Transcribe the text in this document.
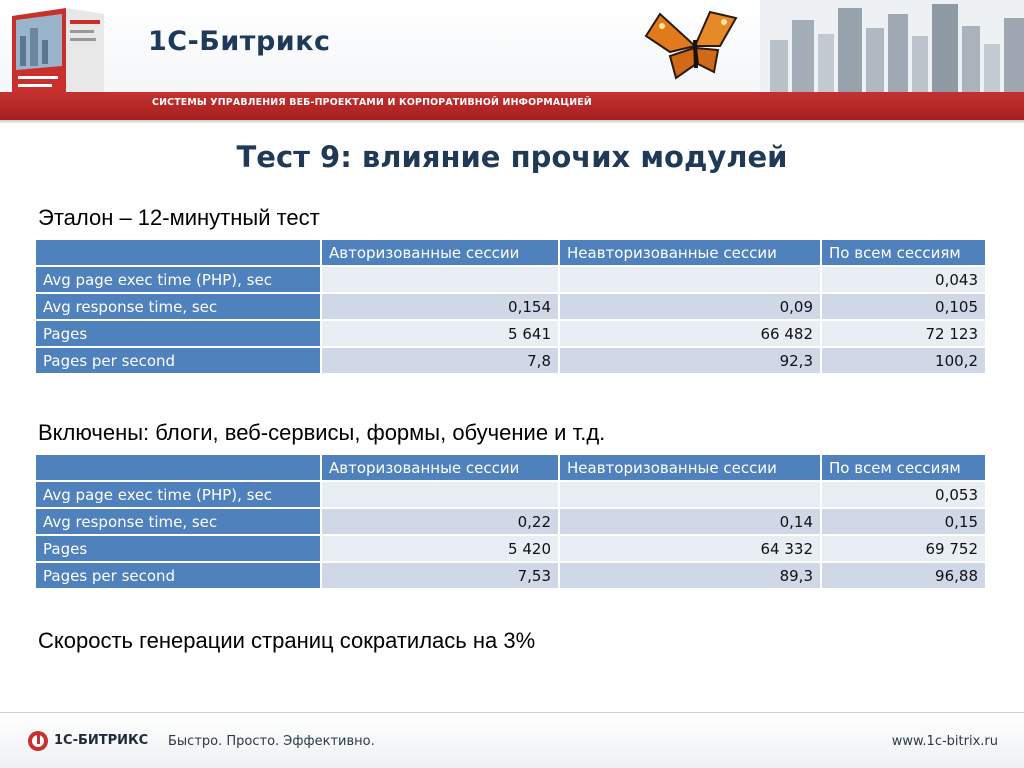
1С-Битрикс
СИСТЕМЫ УПРАВЛЕНИЯ ВЕБ-ПРОЕКТАМИ И КОРПОРАТИВНОЙ ИНФОРМАЦИЕЙ
Тест 9: влияние прочих модулей
Эталон – 12-минутный тест
	Авторизованные сессии	Неавторизованные сессии	По всем сессиям
Avg page exec time (PHP), sec			0,043
Avg response time, sec	0,154	0,09	0,105
Pages	5 641	66 482	72 123
Pages per second	7,8	92,3	100,2
Включены: блоги, веб-сервисы, формы, обучение и т.д.
	Авторизованные сессии	Неавторизованные сессии	По всем сессиям
Avg page exec time (PHP), sec			0,053
Avg response time, sec	0,22	0,14	0,15
Pages	5 420	64 332	69 752
Pages per second	7,53	89,3	96,88
Скорость генерации страниц сократилась на 3%
1С-БИТРИКС Быстро. Просто. Эффективно.	www.1c-bitrix.ru
